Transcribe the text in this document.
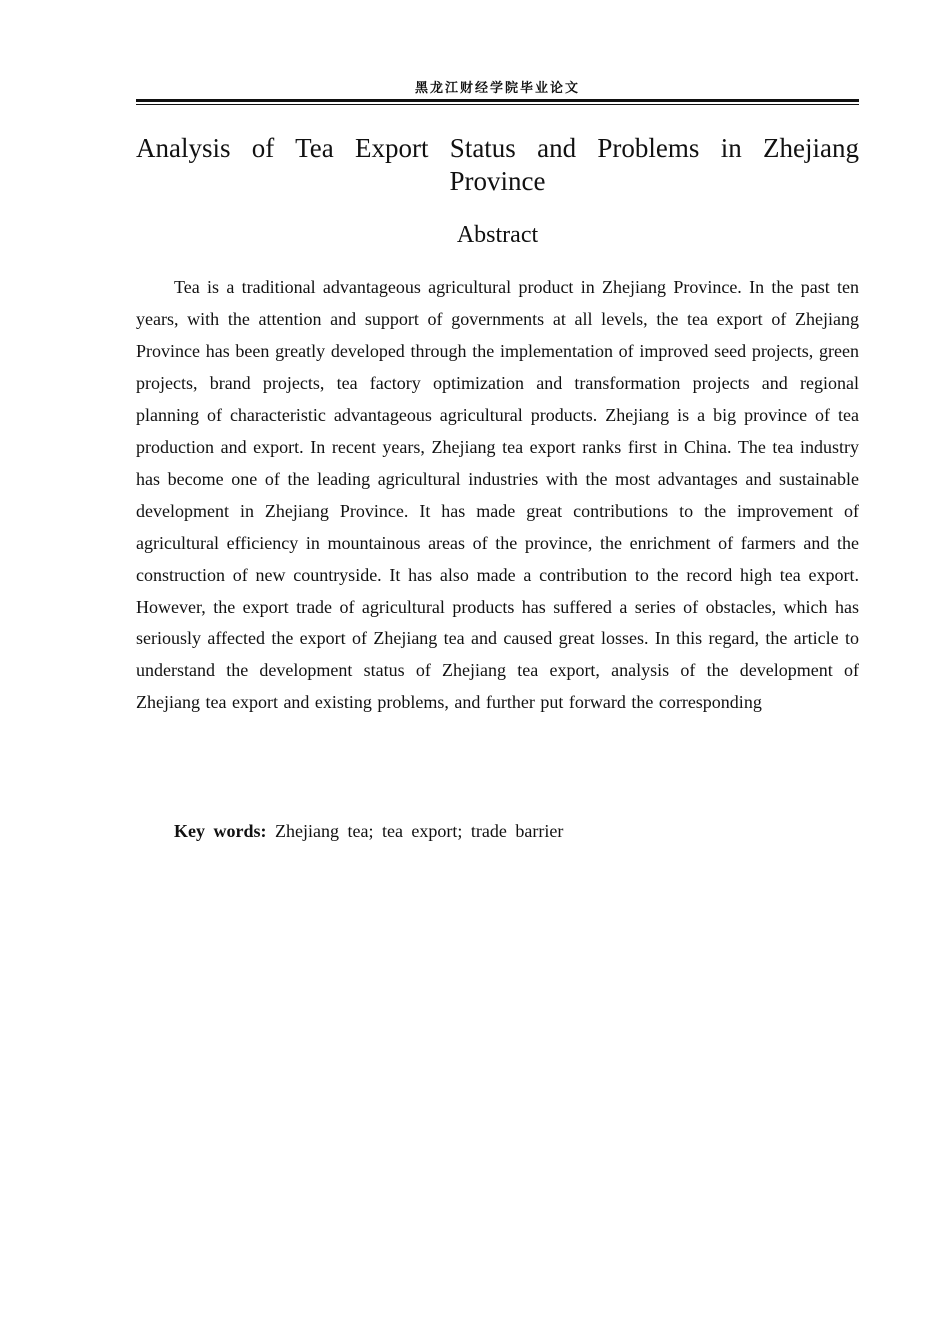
黑龙江财经学院毕业论文
Analysis of Tea Export Status and Problems in Zhejiang Province
Abstract

Tea is a traditional advantageous agricultural product in Zhejiang Province. In the past ten years, with the attention and support of governments at all levels, the tea export of Zhejiang Province has been greatly developed through the implementation of improved seed projects, green projects, brand projects, tea factory optimization and transformation projects and regional planning of characteristic advantageous agricultural products. Zhejiang is a big province of tea production and export. In recent years, Zhejiang tea export ranks first in China. The tea industry has become one of the leading agricultural industries with the most advantages and sustainable development in Zhejiang Province. It has made great contributions to the improvement of agricultural efficiency in mountainous areas of the province, the enrichment of farmers and the construction of new countryside. It has also made a contribution to the record high tea export. However, the export trade of agricultural products has suffered a series of obstacles, which has seriously affected the export of Zhejiang tea and caused great losses. In this regard, the article to understand the development status of Zhejiang tea export, analysis of the development of Zhejiang tea export and existing problems, and further put forward the corresponding

Key words: Zhejiang tea; tea export; trade barrier
